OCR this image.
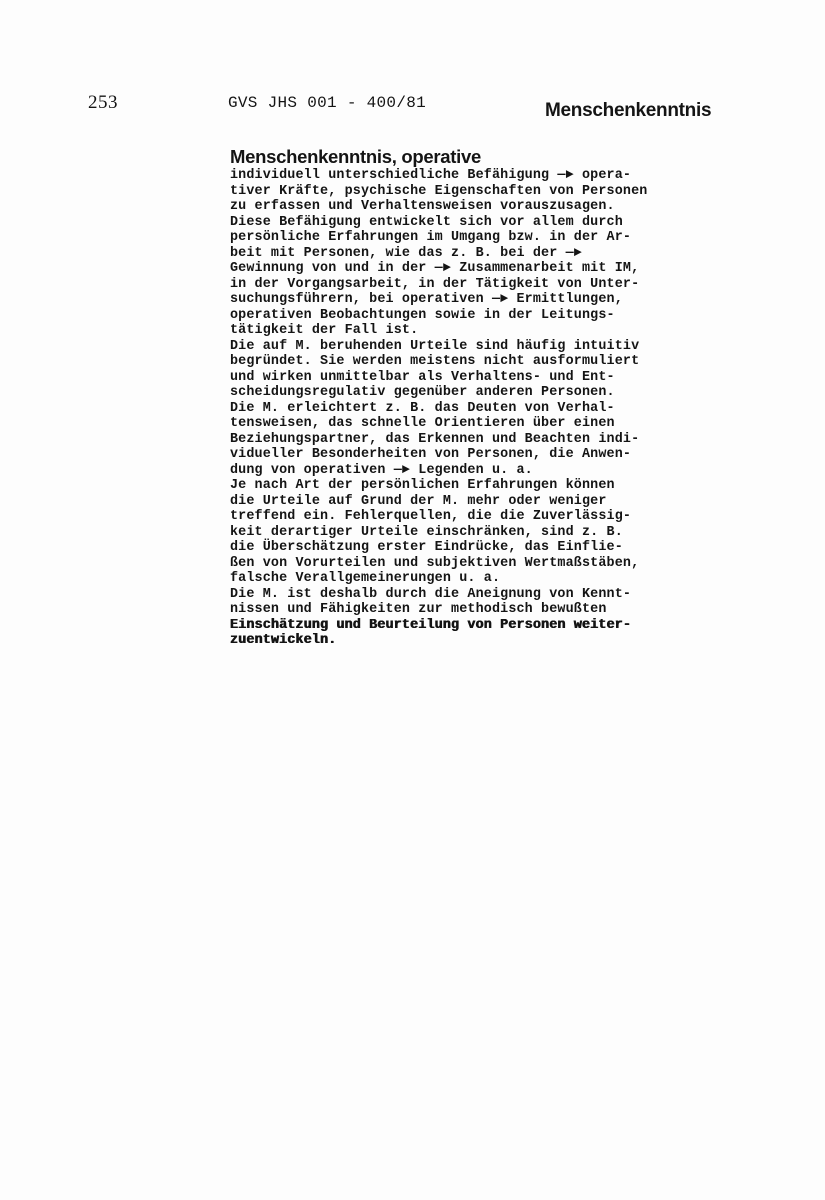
253	GVS JHS 001 - 400/81	Menschenkenntnis
Menschenkenntnis, operative
individuell unterschiedliche Befähigung —► opera-
tiver Kräfte, psychische Eigenschaften von Personen
zu erfassen und Verhaltensweisen vorauszusagen.
Diese Befähigung entwickelt sich vor allem durch
persönliche Erfahrungen im Umgang bzw. in der Ar-
beit mit Personen, wie das z. B. bei der —►
Gewinnung von und in der —► Zusammenarbeit mit IM,
in der Vorgangsarbeit, in der Tätigkeit von Unter-
suchungsführern, bei operativen —► Ermittlungen,
operativen Beobachtungen sowie in der Leitungs-
tätigkeit der Fall ist.
Die auf M. beruhenden Urteile sind häufig intuitiv
begründet. Sie werden meistens nicht ausformuliert
und wirken unmittelbar als Verhaltens- und Ent-
scheidungsregulativ gegenüber anderen Personen.
Die M. erleichtert z. B. das Deuten von Verhal-
tensweisen, das schnelle Orientieren über einen
Beziehungspartner, das Erkennen und Beachten indi-
vidueller Besonderheiten von Personen, die Anwen-
dung von operativen —► Legenden u. a.
Je nach Art der persönlichen Erfahrungen können
die Urteile auf Grund der M. mehr oder weniger
treffend ein. Fehlerquellen, die die Zuverlässig-
keit derartiger Urteile einschränken, sind z. B.
die Überschätzung erster Eindrücke, das Einflie-
ßen von Vorurteilen und subjektiven Wertmaßstäben,
falsche Verallgemeinerungen u. a.
Die M. ist deshalb durch die Aneignung von Kennt-
nissen und Fähigkeiten zur methodisch bewußten
Einschätzung und Beurteilung von Personen weiter-
zuentwickeln.
